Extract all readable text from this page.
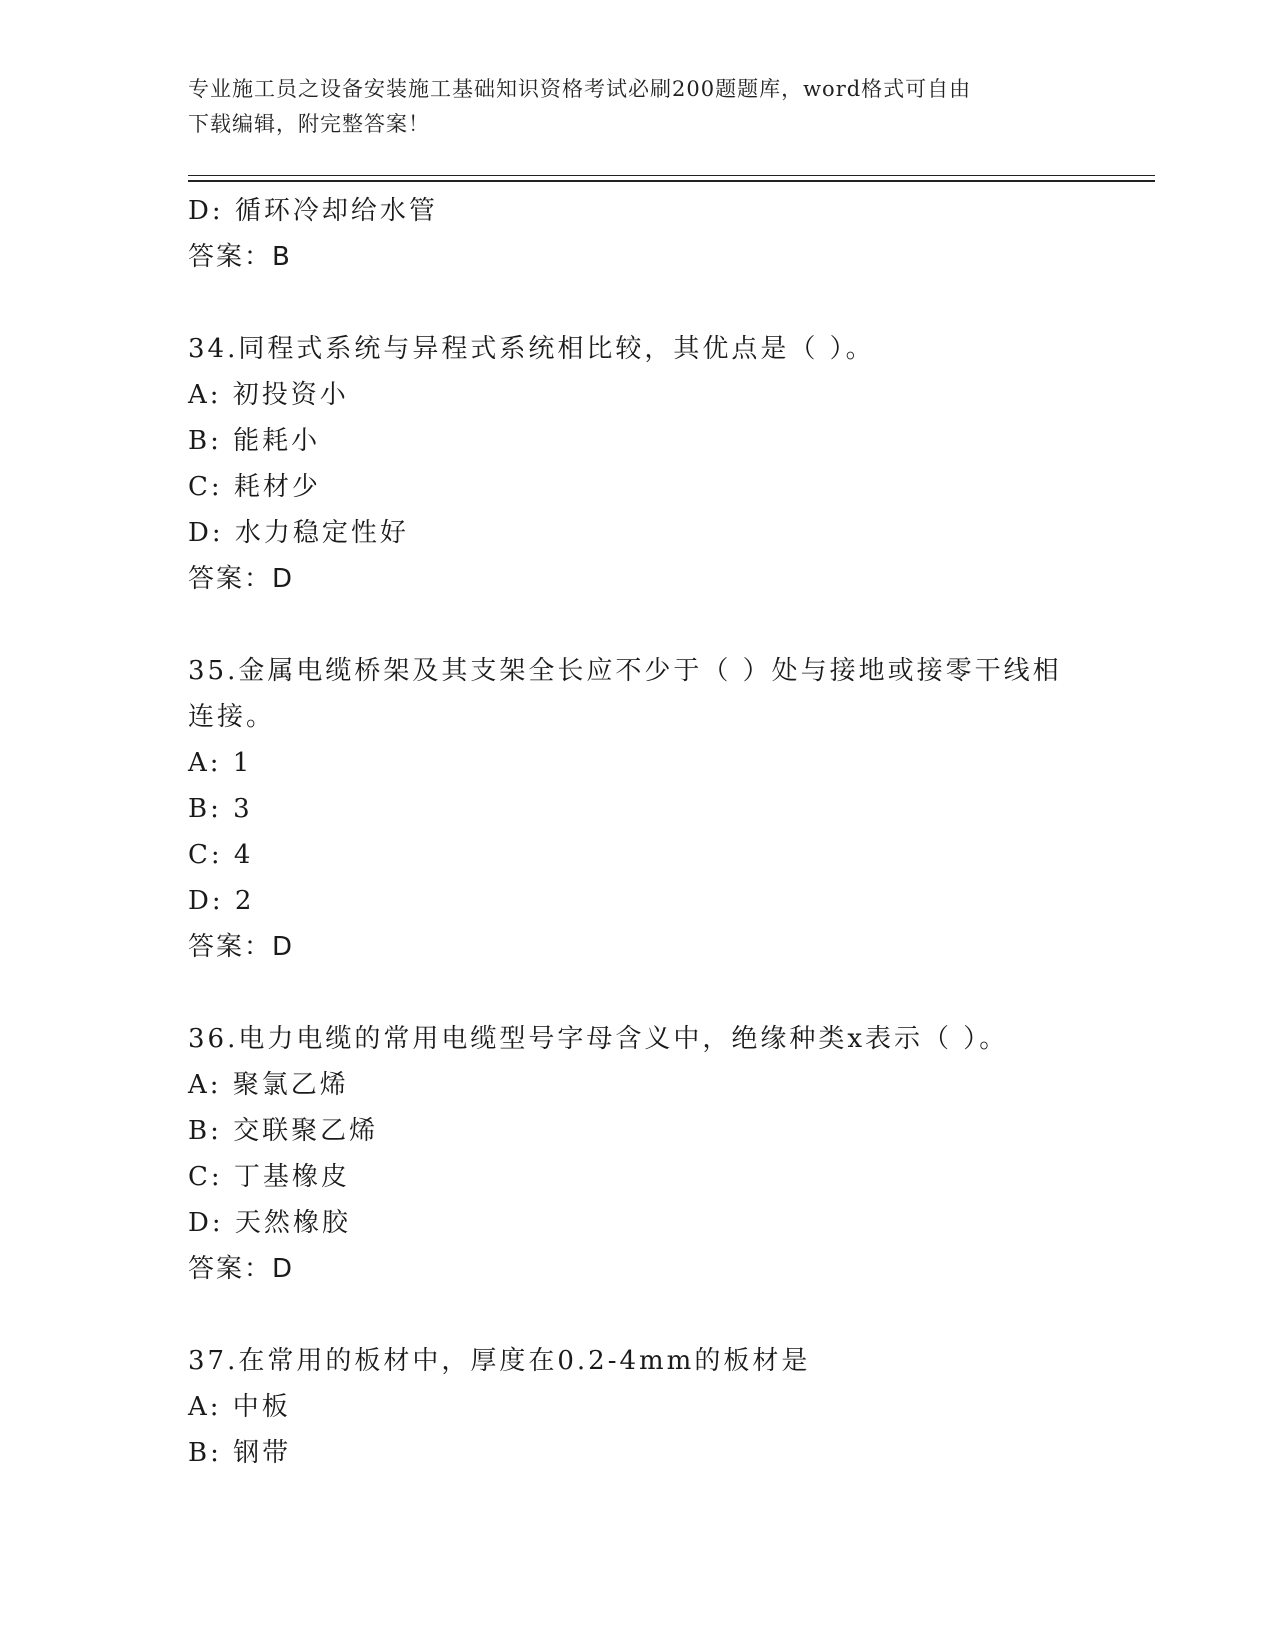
专业施工员之设备安装施工基础知识资格考试必刷200题题库，word格式可自由
下载编辑，附完整答案！
D: 循环冷却给水管
答案：B
34.同程式系统与异程式系统相比较，其优点是（ ）。
A: 初投资小
B: 能耗小
C: 耗材少
D: 水力稳定性好
答案：D
35.金属电缆桥架及其支架全长应不少于（ ）处与接地或接零干线相
连接。
A: 1
B: 3
C: 4
D: 2
答案：D
36.电力电缆的常用电缆型号字母含义中，绝缘种类x表示（ ）。
A: 聚氯乙烯
B: 交联聚乙烯
C: 丁基橡皮
D: 天然橡胶
答案：D
37.在常用的板材中，厚度在0.2-4mm的板材是
A: 中板
B: 钢带
